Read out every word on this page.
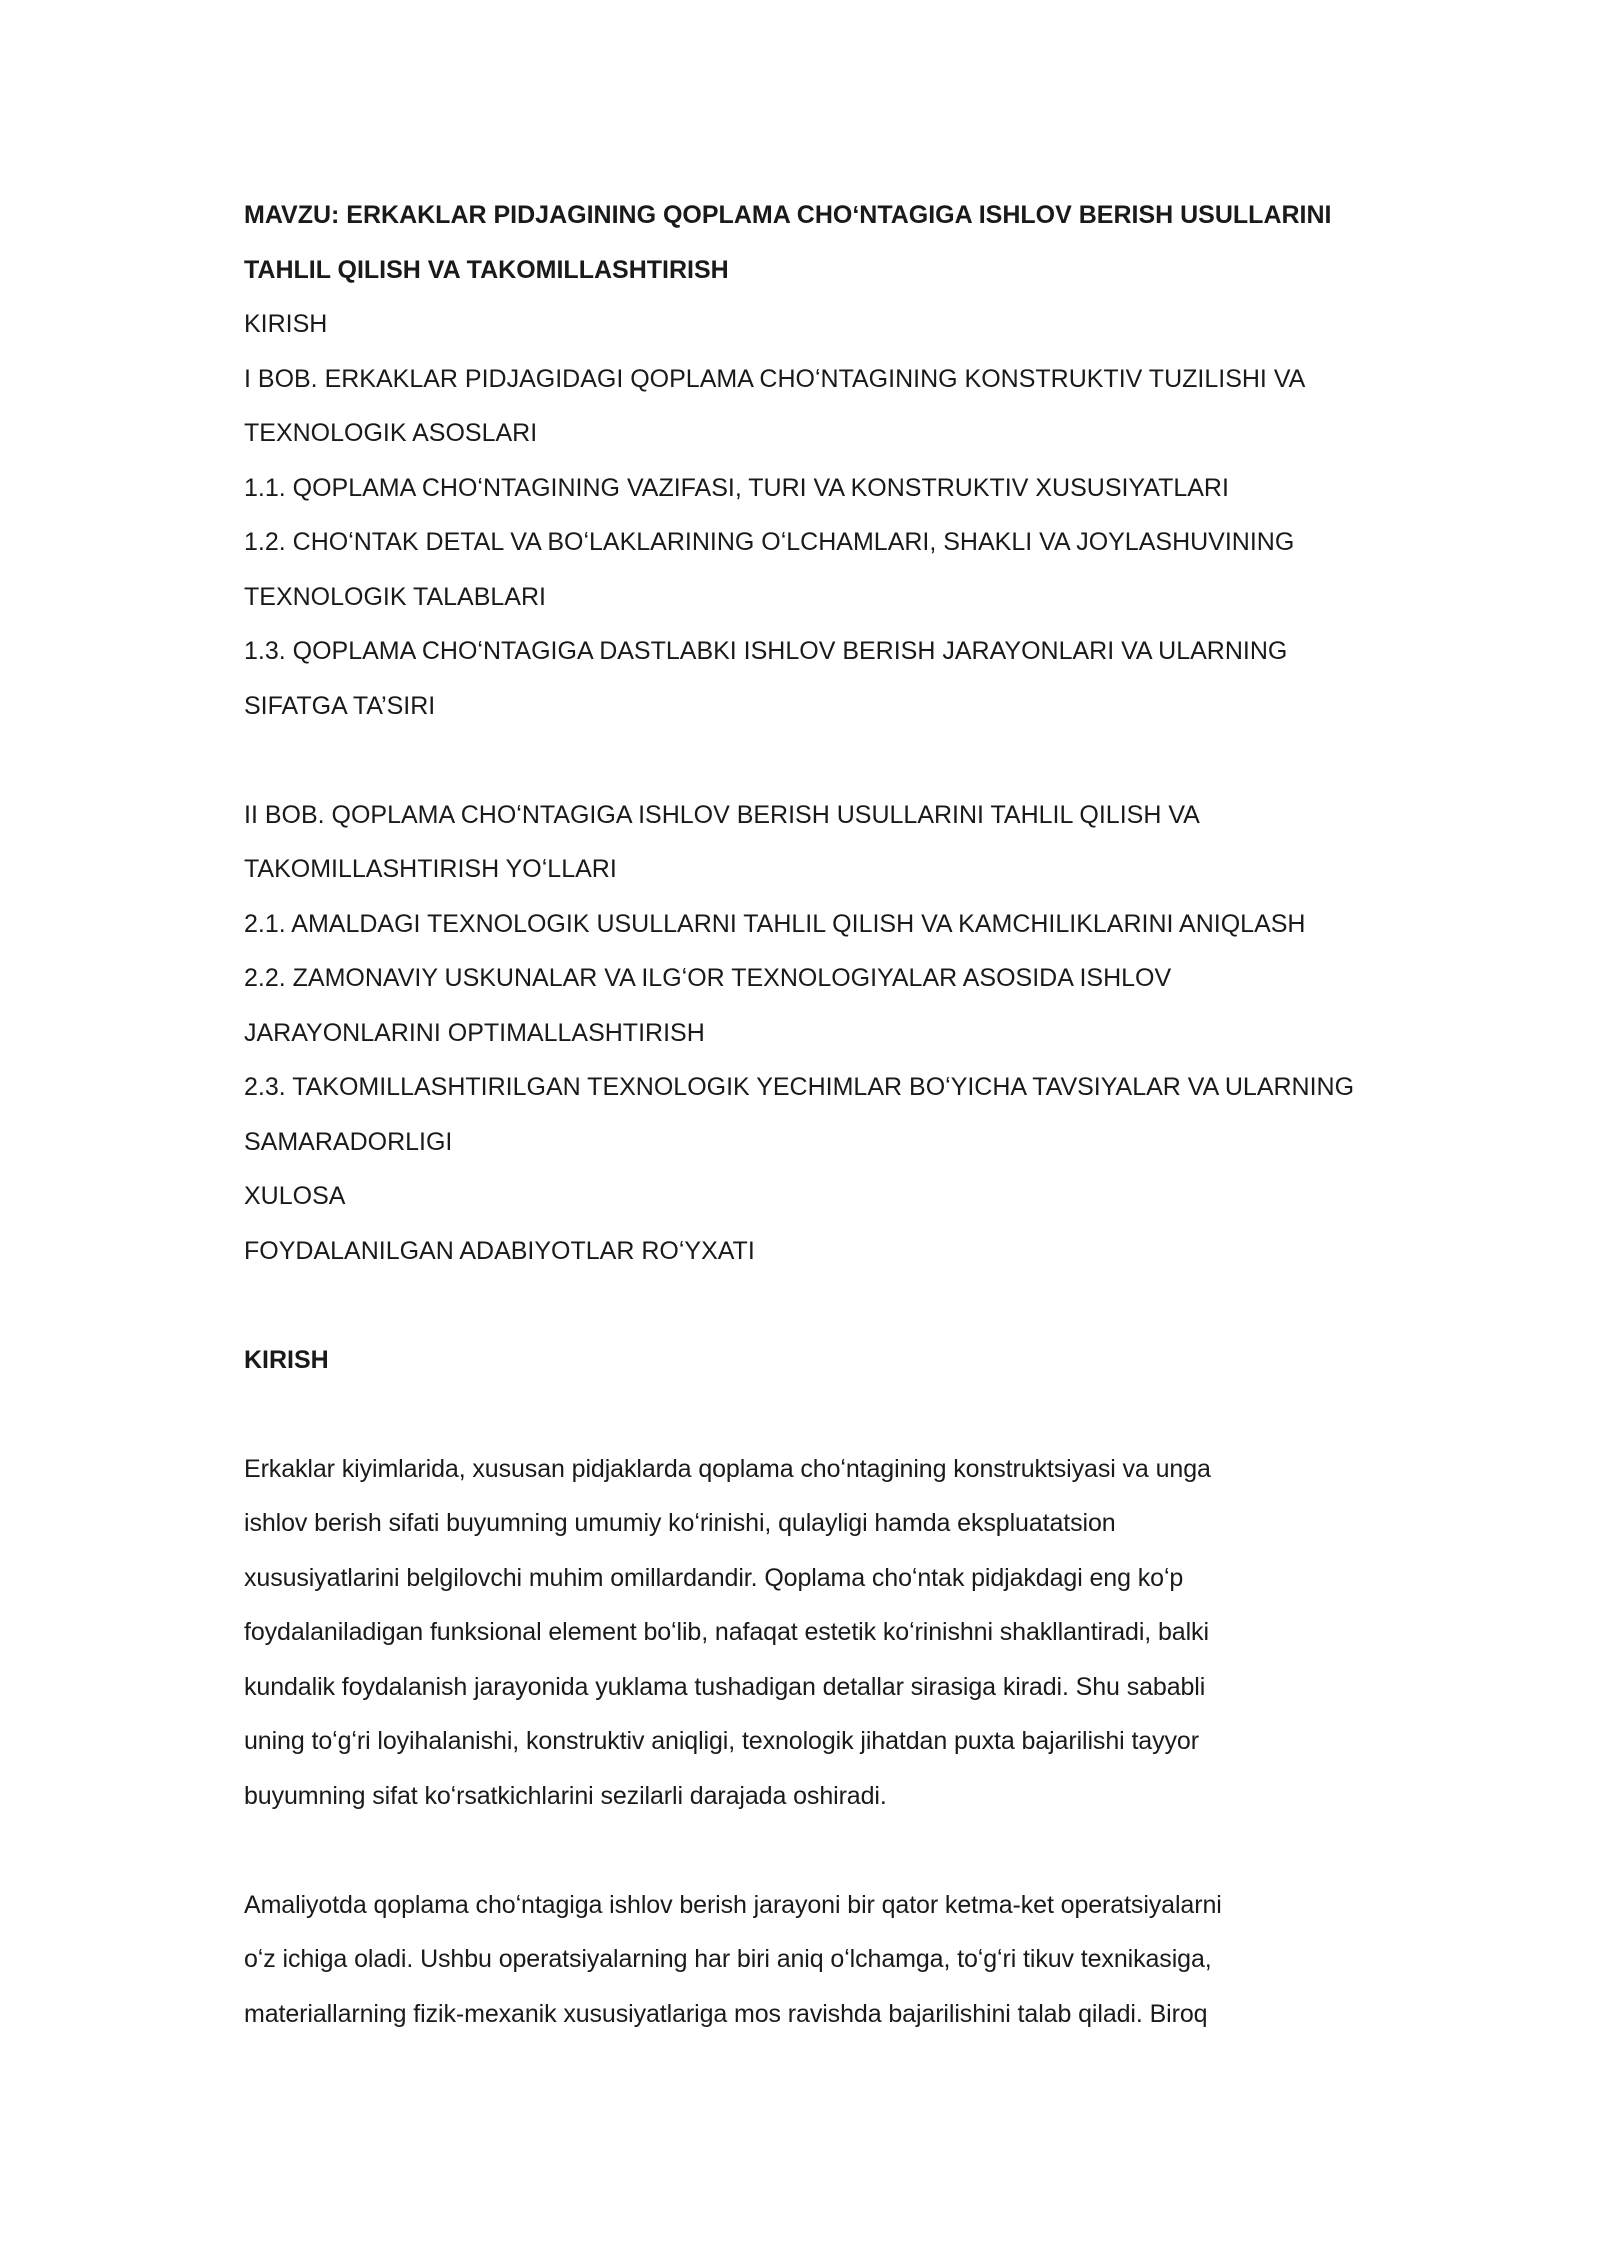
MAVZU: ERKAKLAR PIDJAGINING QOPLAMA CHOʻNTAGIGA ISHLOV BERISH USULLARINI
TAHLIL QILISH VA TAKOMILLASHTIRISH
KIRISH
I BOB. ERKAKLAR PIDJAGIDAGI QOPLAMA CHOʻNTAGINING KONSTRUKTIV TUZILISHI VA
TEXNOLOGIK ASOSLARI
1.1. QOPLAMA CHOʻNTAGINING VAZIFASI, TURI VA KONSTRUKTIV XUSUSIYATLARI
1.2. CHOʻNTAK DETAL VA BOʻLAKLARINING OʻLCHAMLARI, SHAKLI VA JOYLASHUVINING
TEXNOLOGIK TALABLARI
1.3. QOPLAMA CHOʻNTAGIGA DASTLABKI ISHLOV BERISH JARAYONLARI VA ULARNING
SIFATGA TA’SIRI
II BOB. QOPLAMA CHOʻNTAGIGA ISHLOV BERISH USULLARINI TAHLIL QILISH VA
TAKOMILLASHTIRISH YOʻLLARI
2.1. AMALDAGI TEXNOLOGIK USULLARNI TAHLIL QILISH VA KAMCHILIKLARINI ANIQLASH
2.2. ZAMONAVIY USKUNALAR VA ILGʻOR TEXNOLOGIYALAR ASOSIDA ISHLOV
JARAYONLARINI OPTIMALLASHTIRISH
2.3. TAKOMILLASHTIRILGAN TEXNOLOGIK YECHIMLAR BOʻYICHA TAVSIYALAR VA ULARNING
SAMARADORLIGI
XULOSA
FOYDALANILGAN ADABIYOTLAR ROʻYXATI
KIRISH
Erkaklar kiyimlarida, xususan pidjaklarda qoplama choʻntagining konstruktsiyasi va unga
ishlov berish sifati buyumning umumiy koʻrinishi, qulayligi hamda ekspluatatsion
xususiyatlarini belgilovchi muhim omillardandir. Qoplama choʻntak pidjakdagi eng koʻp
foydalaniladigan funksional element boʻlib, nafaqat estetik koʻrinishni shakllantiradi, balki
kundalik foydalanish jarayonida yuklama tushadigan detallar sirasiga kiradi. Shu sababli
uning toʻgʻri loyihalanishi, konstruktiv aniqligi, texnologik jihatdan puxta bajarilishi tayyor
buyumning sifat koʻrsatkichlarini sezilarli darajada oshiradi.
Amaliyotda qoplama choʻntagiga ishlov berish jarayoni bir qator ketma-ket operatsiyalarni
oʻz ichiga oladi. Ushbu operatsiyalarning har biri aniq oʻlchamga, toʻgʻri tikuv texnikasiga,
materiallarning fizik-mexanik xususiyatlariga mos ravishda bajarilishini talab qiladi. Biroq
